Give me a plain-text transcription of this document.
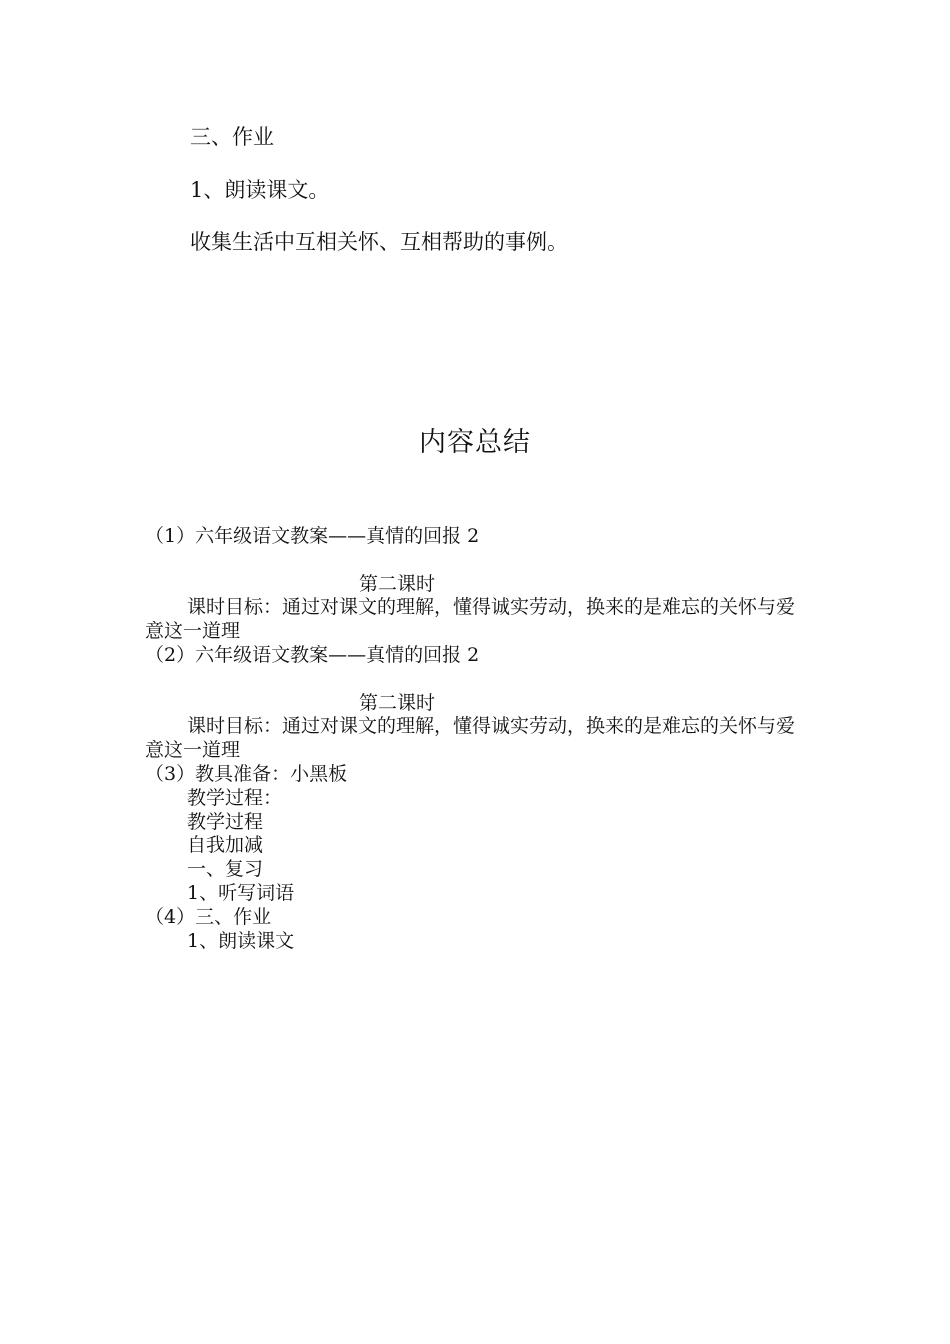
三、作业
1、朗读课文。
收集生活中互相关怀、互相帮助的事例。
内容总结
（1）六年级语文教案——真情的回报 2
第二课时
课时目标：通过对课文的理解，懂得诚实劳动，换来的是难忘的关怀与爱意这一道理
（2）六年级语文教案——真情的回报 2
第二课时
课时目标：通过对课文的理解，懂得诚实劳动，换来的是难忘的关怀与爱意这一道理
（3）教具准备：小黑板
教学过程：
教学过程
自我加减
一、复习
1、听写词语
（4）三、作业
1、朗读课文
